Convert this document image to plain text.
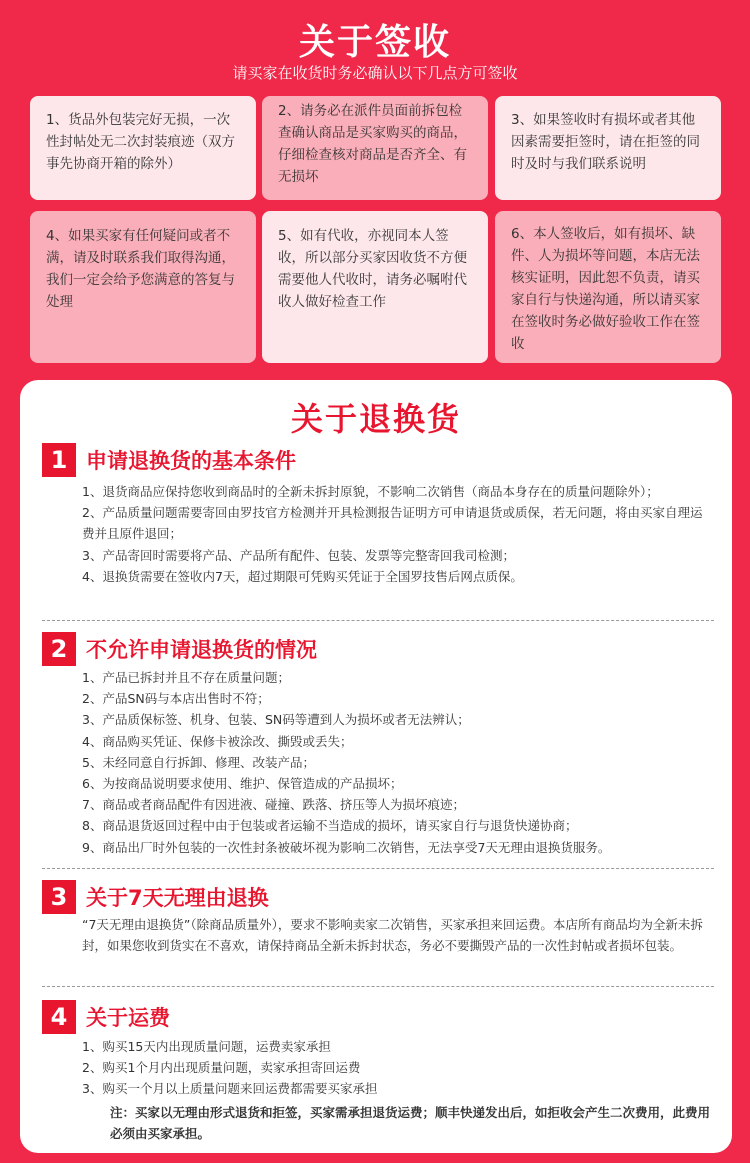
关于签收
请买家在收货时务必确认以下几点方可签收
1、货品外包装完好无损，一次性封帖处无二次封装痕迹（双方事先协商开箱的除外）
2、请务必在派件员面前拆包检查确认商品是买家购买的商品，仔细检查核对商品是否齐全、有无损坏
3、如果签收时有损坏或者其他因素需要拒签时，请在拒签的同时及时与我们联系说明
4、如果买家有任何疑问或者不满，请及时联系我们取得沟通，我们一定会给予您满意的答复与处理
5、如有代收，亦视同本人签收，所以部分买家因收货不方便需要他人代收时，请务必嘱咐代收人做好检查工作
6、本人签收后，如有损坏、缺件、人为损坏等问题，本店无法核实证明，因此恕不负责，请买家自行与快递沟通，所以请买家在签收时务必做好验收工作在签收
关于退换货
1 申请退换货的基本条件

1、退货商品应保持您收到商品时的全新未拆封原貌，不影响二次销售（商品本身存在的质量问题除外）；

2、产品质量问题需要寄回由罗技官方检测并开具检测报告证明方可申请退货或质保，若无问题，将由买家自理运费并且原件退回；

3、产品寄回时需要将产品、产品所有配件、包装、发票等完整寄回我司检测；

4、退换货需要在签收内7天，超过期限可凭购买凭证于全国罗技售后网点质保。

2 不允许申请退换货的情况

1、产品已拆封并且不存在质量问题；

2、产品SN码与本店出售时不符；

3、产品质保标签、机身、包装、SN码等遭到人为损坏或者无法辨认；

4、商品购买凭证、保修卡被涂改、撕毁或丢失；

5、未经同意自行拆卸、修理、改装产品；

6、为按商品说明要求使用、维护、保管造成的产品损坏；

7、商品或者商品配件有因进液、碰撞、跌落、挤压等人为损坏痕迹；

8、商品退货返回过程中由于包装或者运输不当造成的损坏，请买家自行与退货快递协商；

9、商品出厂时外包装的一次性封条被破坏视为影响二次销售，无法享受7天无理由退换货服务。

3 关于7天无理由退换

“7天无理由退换货”（除商品质量外），要求不影响卖家二次销售，买家承担来回运费。本店所有商品均为全新未拆封，如果您收到货实在不喜欢，请保持商品全新未拆封状态，务必不要撕毁产品的一次性封帖或者损坏包装。

4 关于运费

1、购买15天内出现质量问题，运费卖家承担

2、购买1个月内出现质量问题，卖家承担寄回运费

3、购买一个月以上质量问题来回运费都需要买家承担

注：买家以无理由形式退货和拒签，买家需承担退货运费；顺丰快递发出后，如拒收会产生二次费用，此费用必须由买家承担。
